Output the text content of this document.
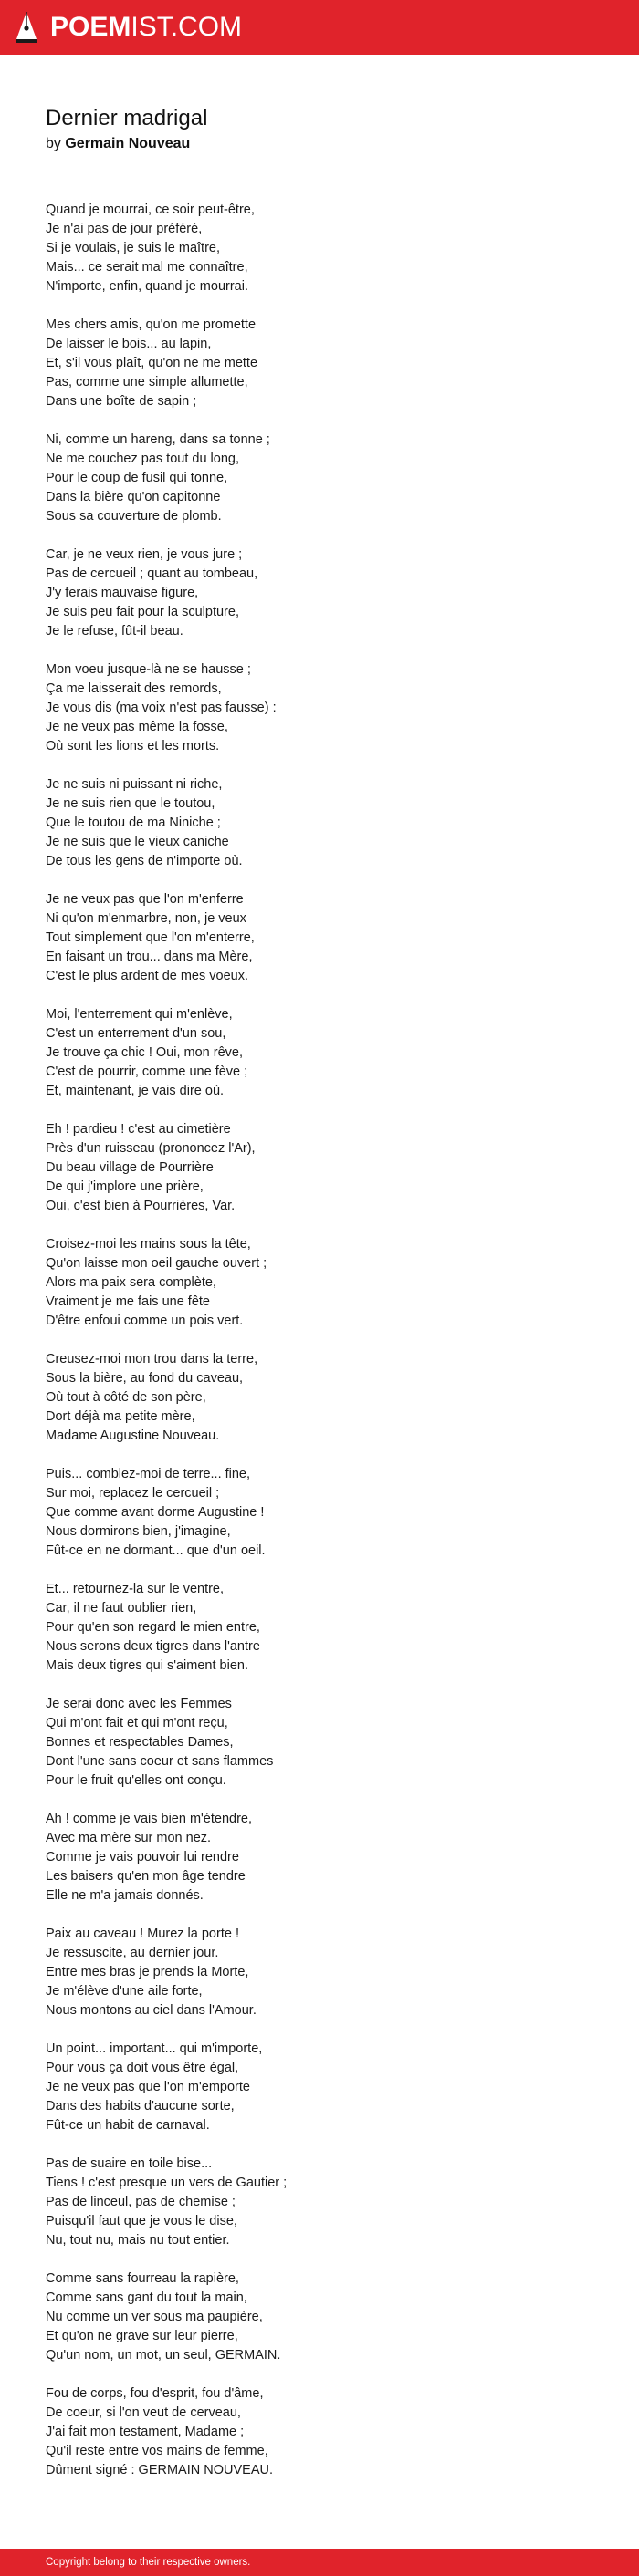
POEMIST.COM
Dernier madrigal
by Germain Nouveau
Quand je mourrai, ce soir peut-être,
Je n'ai pas de jour préféré,
Si je voulais, je suis le maître,
Mais... ce serait mal me connaître,
N'importe, enfin, quand je mourrai.
Mes chers amis, qu'on me promette
De laisser le bois... au lapin,
Et, s'il vous plaît, qu'on ne me mette
Pas, comme une simple allumette,
Dans une boîte de sapin ;
Ni, comme un hareng, dans sa tonne ;
Ne me couchez pas tout du long,
Pour le coup de fusil qui tonne,
Dans la bière qu'on capitonne
Sous sa couverture de plomb.
Car, je ne veux rien, je vous jure ;
Pas de cercueil ; quant au tombeau,
J'y ferais mauvaise figure,
Je suis peu fait pour la sculpture,
Je le refuse, fût-il beau.
Mon voeu jusque-là ne se hausse ;
Ça me laisserait des remords,
Je vous dis (ma voix n'est pas fausse) :
Je ne veux pas même la fosse,
Où sont les lions et les morts.
Je ne suis ni puissant ni riche,
Je ne suis rien que le toutou,
Que le toutou de ma Niniche ;
Je ne suis que le vieux caniche
De tous les gens de n'importe où.
Je ne veux pas que l'on m'enferre
Ni qu'on m'enmarbre, non, je veux
Tout simplement que l'on m'enterre,
En faisant un trou... dans ma Mère,
C'est le plus ardent de mes voeux.
Moi, l'enterrement qui m'enlève,
C'est un enterrement d'un sou,
Je trouve ça chic ! Oui, mon rêve,
C'est de pourrir, comme une fève ;
Et, maintenant, je vais dire où.
Eh ! pardieu ! c'est au cimetière
Près d'un ruisseau (prononcez l'Ar),
Du beau village de Pourrière
De qui j'implore une prière,
Oui, c'est bien à Pourrières, Var.
Croisez-moi les mains sous la tête,
Qu'on laisse mon oeil gauche ouvert ;
Alors ma paix sera complète,
Vraiment je me fais une fête
D'être enfoui comme un pois vert.
Creusez-moi mon trou dans la terre,
Sous la bière, au fond du caveau,
Où tout à côté de son père,
Dort déjà ma petite mère,
Madame Augustine Nouveau.
Puis... comblez-moi de terre... fine,
Sur moi, replacez le cercueil ;
Que comme avant dorme Augustine !
Nous dormirons bien, j'imagine,
Fût-ce en ne dormant... que d'un oeil.
Et... retournez-la sur le ventre,
Car, il ne faut oublier rien,
Pour qu'en son regard le mien entre,
Nous serons deux tigres dans l'antre
Mais deux tigres qui s'aiment bien.
Je serai donc avec les Femmes
Qui m'ont fait et qui m'ont reçu,
Bonnes et respectables Dames,
Dont l'une sans coeur et sans flammes
Pour le fruit qu'elles ont conçu.
Ah ! comme je vais bien m'étendre,
Avec ma mère sur mon nez.
Comme je vais pouvoir lui rendre
Les baisers qu'en mon âge tendre
Elle ne m'a jamais donnés.
Paix au caveau ! Murez la porte !
Je ressuscite, au dernier jour.
Entre mes bras je prends la Morte,
Je m'élève d'une aile forte,
Nous montons au ciel dans l'Amour.
Un point... important... qui m'importe,
Pour vous ça doit vous être égal,
Je ne veux pas que l'on m'emporte
Dans des habits d'aucune sorte,
Fût-ce un habit de carnaval.
Pas de suaire en toile bise...
Tiens ! c'est presque un vers de Gautier ;
Pas de linceul, pas de chemise ;
Puisqu'il faut que je vous le dise,
Nu, tout nu, mais nu tout entier.
Comme sans fourreau la rapière,
Comme sans gant du tout la main,
Nu comme un ver sous ma paupière,
Et qu'on ne grave sur leur pierre,
Qu'un nom, un mot, un seul, GERMAIN.
Fou de corps, fou d'esprit, fou d'âme,
De coeur, si l'on veut de cerveau,
J'ai fait mon testament, Madame ;
Qu'il reste entre vos mains de femme,
Dûment signé : GERMAIN NOUVEAU.
Copyright belong to their respective owners.
